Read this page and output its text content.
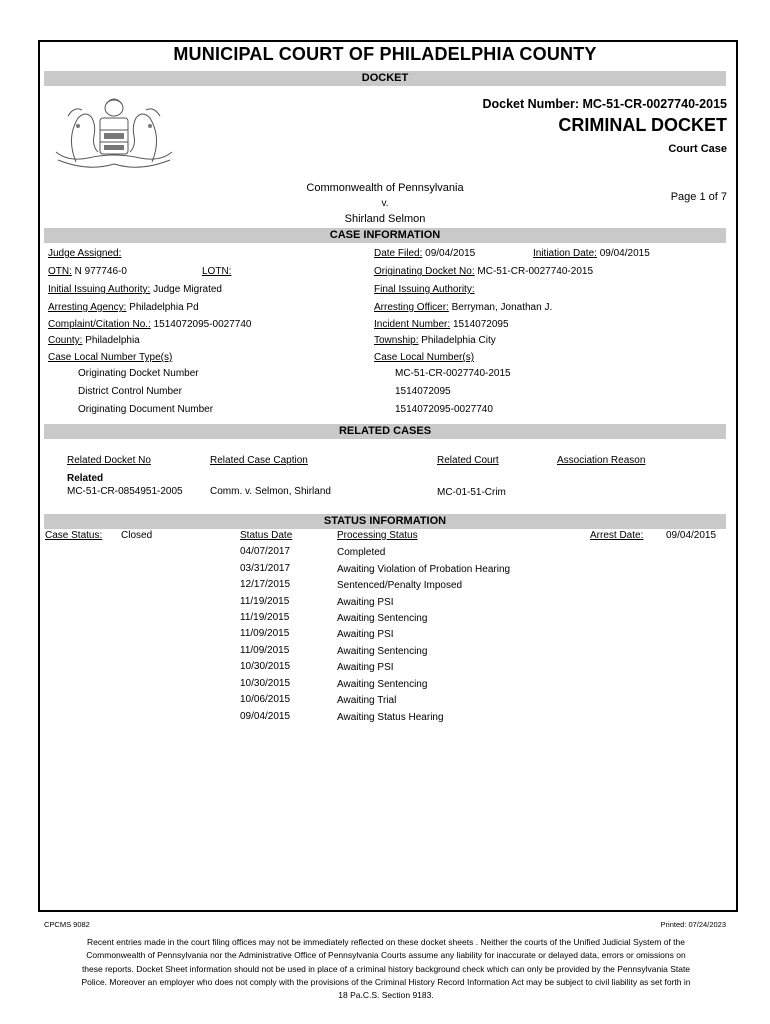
MUNICIPAL COURT OF PHILADELPHIA COUNTY
DOCKET
Docket Number: MC-51-CR-0027740-2015
CRIMINAL DOCKET
Court Case
Commonwealth of Pennsylvania
v.
Shirland Selmon
Page 1 of 7
CASE INFORMATION
Judge Assigned:	Date Filed: 09/04/2015	Initiation Date: 09/04/2015
OTN: N 977746-0	LOTN:	Originating Docket No: MC-51-CR-0027740-2015
Initial Issuing Authority: Judge Migrated	Final Issuing Authority:
Arresting Agency: Philadelphia Pd	Arresting Officer: Berryman, Jonathan J.
Complaint/Citation No.: 1514072095-0027740	Incident Number: 1514072095
County: Philadelphia	Township: Philadelphia City
Case Local Number Type(s)	Case Local Number(s)
Originating Docket Number	MC-51-CR-0027740-2015
District Control Number	1514072095
Originating Document Number	1514072095-0027740
RELATED CASES
Related Docket No	Related Case Caption	Related Court	Association Reason
Related
MC-51-CR-0854951-2005	Comm. v. Selmon, Shirland	MC-01-51-Crim
STATUS INFORMATION
Case Status: Closed	Status Date	Processing Status	Arrest Date: 09/04/2015
04/07/2017	Completed
03/31/2017	Awaiting Violation of Probation Hearing
12/17/2015	Sentenced/Penalty Imposed
11/19/2015	Awaiting PSI
11/19/2015	Awaiting Sentencing
11/09/2015	Awaiting PSI
11/09/2015	Awaiting Sentencing
10/30/2015	Awaiting PSI
10/30/2015	Awaiting Sentencing
10/06/2015	Awaiting Trial
09/04/2015	Awaiting Status Hearing
CPCMS 9082	Printed: 07/24/2023
Recent entries made in the court filing offices may not be immediately reflected on these docket sheets . Neither the courts of the Unified Judicial System of the Commonwealth of Pennsylvania nor the Administrative Office of Pennsylvania Courts assume any liability for inaccurate or delayed data, errors or omissions on these reports. Docket Sheet information should not be used in place of a criminal history background check which can only be provided by the Pennsylvania State Police. Moreover an employer who does not comply with the provisions of the Criminal History Record Information Act may be subject to civil liability as set forth in 18 Pa.C.S. Section 9183.
